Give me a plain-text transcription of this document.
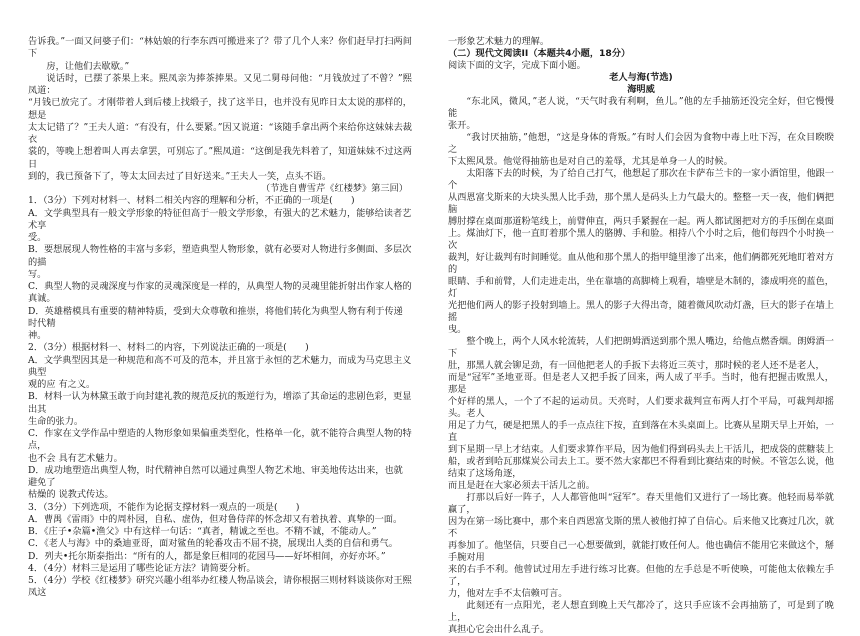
告诉我。”一面又问婆子们：“林姑娘的行李东西可搬进来了？带了几个人来？你们赶早打扫两间下

房，让他们去歇歇。”

说话时，已摆了茶果上来。熙凤亲为捧茶捧果。又见二舅母问他：“月钱放过了不曾？”熙凤道：

“月钱已放完了。才刚带着人到后楼上找缎子，找了这半日，也并没有见昨日太太说的那样的，想是

太太记错了？”王夫人道：“有没有，什么要紧。”因又说道：“该随手拿出两个来给你这妹妹去裁衣

裳的，等晚上想着叫人再去拿罢，可别忘了。”熙凤道：“这倒是我先料着了，知道妹妹不过这两日

到的，我已预备下了，等太太回去过了目好送来。”王夫人一笑，点头不语。

（节选自曹雪芹《红楼梦》第三回）

1．（3分）下列对材料一、材料二相关内容的理解和分析，不正确的一项是(　　)

A．文学典型具有一般文学形象的特征但高于一般文学形象，有强大的艺术魅力，能够给读者艺术享

受。

B．要想展现人物性格的丰富与多彩，塑造典型人物形象，就有必要对人物进行多侧面、多层次的描

写。

C．典型人物的灵魂深度与作家的灵魂深度是一样的，从典型人物的灵魂里能折射出作家人格的真诚。

D．英雄楷模具有重要的精神特质，受到大众尊敬和推崇，将他们转化为典型人物有利于传递时代精

神。

2．（3分）根据材料一、材料二的内容，下列说法正确的一项是(　　)

A．文学典型因其是一种规范和高不可及的范本，并且富于永恒的艺术魅力，而成为马克思主义典型

观的应 有之义。

B．材料一认为林黛玉敢于向封建礼教的规范反抗的叛逆行为，增添了其命运的悲剧色彩，更显出其

生命的张力。

C．作家在文学作品中塑造的人物形象如果偏重类型化，性格单一化，就不能符合典型人物的特点，

也不会 具有艺术魅力。

D．成功地塑造出典型人物，时代精神自然可以通过典型人物艺术地、审美地传达出来，也就避免了

枯燥的 说教式传达。

3．（3分）下列选项，不能作为论据支撑材料一观点的一项是(　　)

A．曹禺《雷雨》中的周朴园，自私、虚伪，但对鲁侍萍的怀念却又有着执着、真挚的一面。

B．《庄子•杂篇•渔父》中有这样一句话：“真者，精诚之至也。不精不诚，不能动人。”

C．《老人与海》中的桑迪亚哥，面对鲨鱼的轮番攻击不屈不挠，展现出人类的自信和勇气。

D．列夫•托尔斯泰指出：“所有的人，都是象巨相同的花园马——好坏相间，亦好亦坏。”

4．（4分）材料三是运用了哪些论证方法？请简要分析。

5．（4分）学校《红楼梦》研究兴趣小组举办红楼人物品谈会，请你根据三则材料谈谈你对王熙凤这

一形象艺术魅力的理解。

（二）现代文阅读II（本题共4小题，18分）

阅读下面的文字，完成下面小题。

老人与海(节选)

海明威

“东北风，微风，”老人说，“天气时我有利啊，鱼儿。”他的左手抽筋还没完全好，但它慢慢能

张开。

“我讨厌抽筋，”他想，“这是身体的背叛。”有时人们会因为食物中毒上吐下泻，在众目睽睽之

下太熙风景。他觉得抽筋也是对自己的羞辱，尤其是单身一人的时候。

太阳落下去的时候，为了给自己打气，他想起了那次在卡萨布兰卡的一家小酒馆里，他跟一个

从西恩富戈斯来的大块头黑人比手劲，那个黑人是码头上力气最大的。整整一天一夜，他们俩把脑

膊肘撑在桌面那道粉笔线上，前臂伸直，两只手紧握在一起。两人都试图把对方的手压倒在桌面

上。煤油灯下，他一直盯着那个黑人的胳膊、手和脸。相持八个小时之后，他们每四个小时换一次

裁判，好让裁判有时间睡觉。血从他和那个黑人的指甲缝里渗了出来，他们俩都死死地盯着对方的

眼睛、手和前臂，人们走进走出，坐在靠墙的高脚椅上观看，墙壁是木制的，漆成明亮的蓝色，灯

光把他们两人的影子投射到墙上。黑人的影子大得出奇，随着微风吹动灯盏，巨大的影子在墙上摇

曳。

整个晚上，两个人风水轮流转，人们把朗姆酒送到那个黑人嘴边，给他点燃香烟。朗姆酒一下

肚，那黑人就会铆足劲，有一回他把老人的手扳下去将近三英寸，那时候的老人还不是老人，

而是“冠军”圣地亚哥。但是老人又把手扳了回来，两人成了平手。当时，他有把握击败黑人，那是

个好样的黑人，一个了不起的运动员。天亮时，人们要求裁判宣布两人打个平局，可裁判却摇头。老人

用足了力气，硬是把黑人的手一点点往下按，直到落在木头桌面上。比赛从星期天早上开始，一直

到下星期一早上才结束。人们要求算作平局，因为他们得到码头去上干活儿，把成袋的蔗糖装上

船，或者到哈瓦那煤炭公司去上工。要不然大家都巴不得看到比赛结束的时候。不管怎么说，他结束了这场角逐，

而且是赶在大家必须去干活儿之前。

打那以后好一阵子，人人都管他叫“冠军”。春天里他们又进行了一场比赛。他轻而易举就赢了，

因为在第一场比赛中，那个来自西恩富戈斯的黑人被他打掉了自信心。后来他又比赛过几次，就不

再参加了。他坚信，只要自己一心想要做到，就能打败任何人。他也确信不能用它来做这个，掰手腕对用

来的右手不利。他曾试过用左手进行练习比赛。但他的左手总是不听使唤，可能他太依赖左手了，

力，他对左手不太信赖可言。

此刻还有一点阳光，老人想直到晚上天气都冷了，这只手应该不会再抽筋了，可是到了晚上，

真担心它会出什么乱子。
